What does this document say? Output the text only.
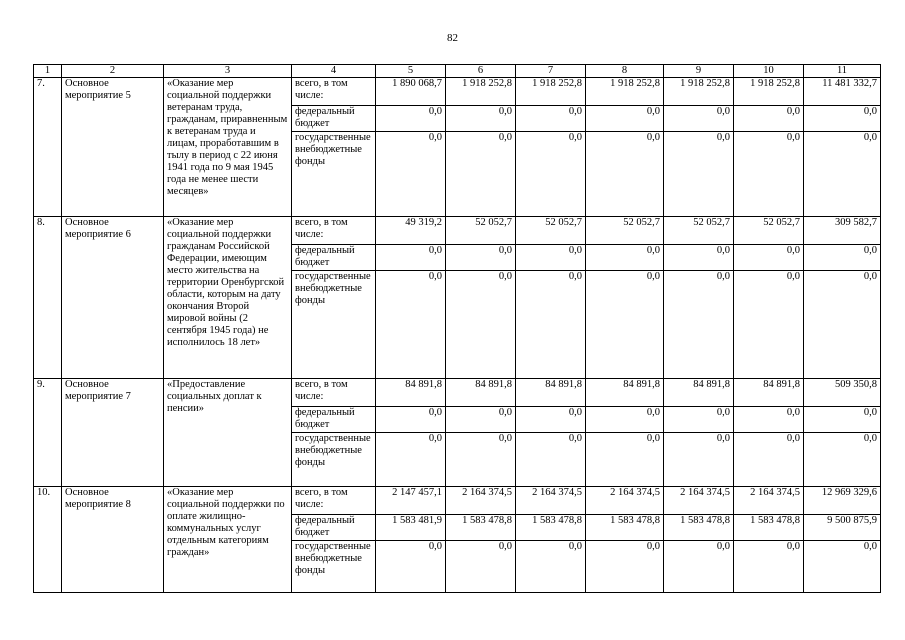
82
1	2	3	4	5	6	7	8	9	10	11
7.	Основное мероприятие 5	«Оказание мер социальной поддержки ветеранам труда, гражданам, приравненным к ветеранам труда и лицам, проработавшим в тылу в период с 22 июня 1941 года по 9 мая 1945 года не менее шести месяцев»	всего, в том числе:	1 890 068,7	1 918 252,8	1 918 252,8	1 918 252,8	1 918 252,8	1 918 252,8	11 481 332,7
			федеральный бюджет	0,0	0,0	0,0	0,0	0,0	0,0	0,0
			государственные внебюджетные фонды	0,0	0,0	0,0	0,0	0,0	0,0	0,0
8.	Основное мероприятие 6	«Оказание мер социальной поддержки гражданам Российской Федерации, имеющим место жительства на территории Оренбургской области, которым на дату окончания Второй мировой войны (2 сентября 1945 года) не исполнилось 18 лет»	всего, в том числе:	49 319,2	52 052,7	52 052,7	52 052,7	52 052,7	52 052,7	309 582,7
			федеральный бюджет	0,0	0,0	0,0	0,0	0,0	0,0	0,0
			государственные внебюджетные фонды	0,0	0,0	0,0	0,0	0,0	0,0	0,0
9.	Основное мероприятие 7	«Предоставление социальных доплат к пенсии»	всего, в том числе:	84 891,8	84 891,8	84 891,8	84 891,8	84 891,8	84 891,8	509 350,8
			федеральный бюджет	0,0	0,0	0,0	0,0	0,0	0,0	0,0
			государственные внебюджетные фонды	0,0	0,0	0,0	0,0	0,0	0,0	0,0
10.	Основное мероприятие 8	«Оказание мер социальной поддержки по оплате жилищно-коммунальных услуг отдельным категориям граждан»	всего, в том числе:	2 147 457,1	2 164 374,5	2 164 374,5	2 164 374,5	2 164 374,5	2 164 374,5	12 969 329,6
			федеральный бюджет	1 583 481,9	1 583 478,8	1 583 478,8	1 583 478,8	1 583 478,8	1 583 478,8	9 500 875,9
			государственные внебюджетные фонды	0,0	0,0	0,0	0,0	0,0	0,0	0,0
